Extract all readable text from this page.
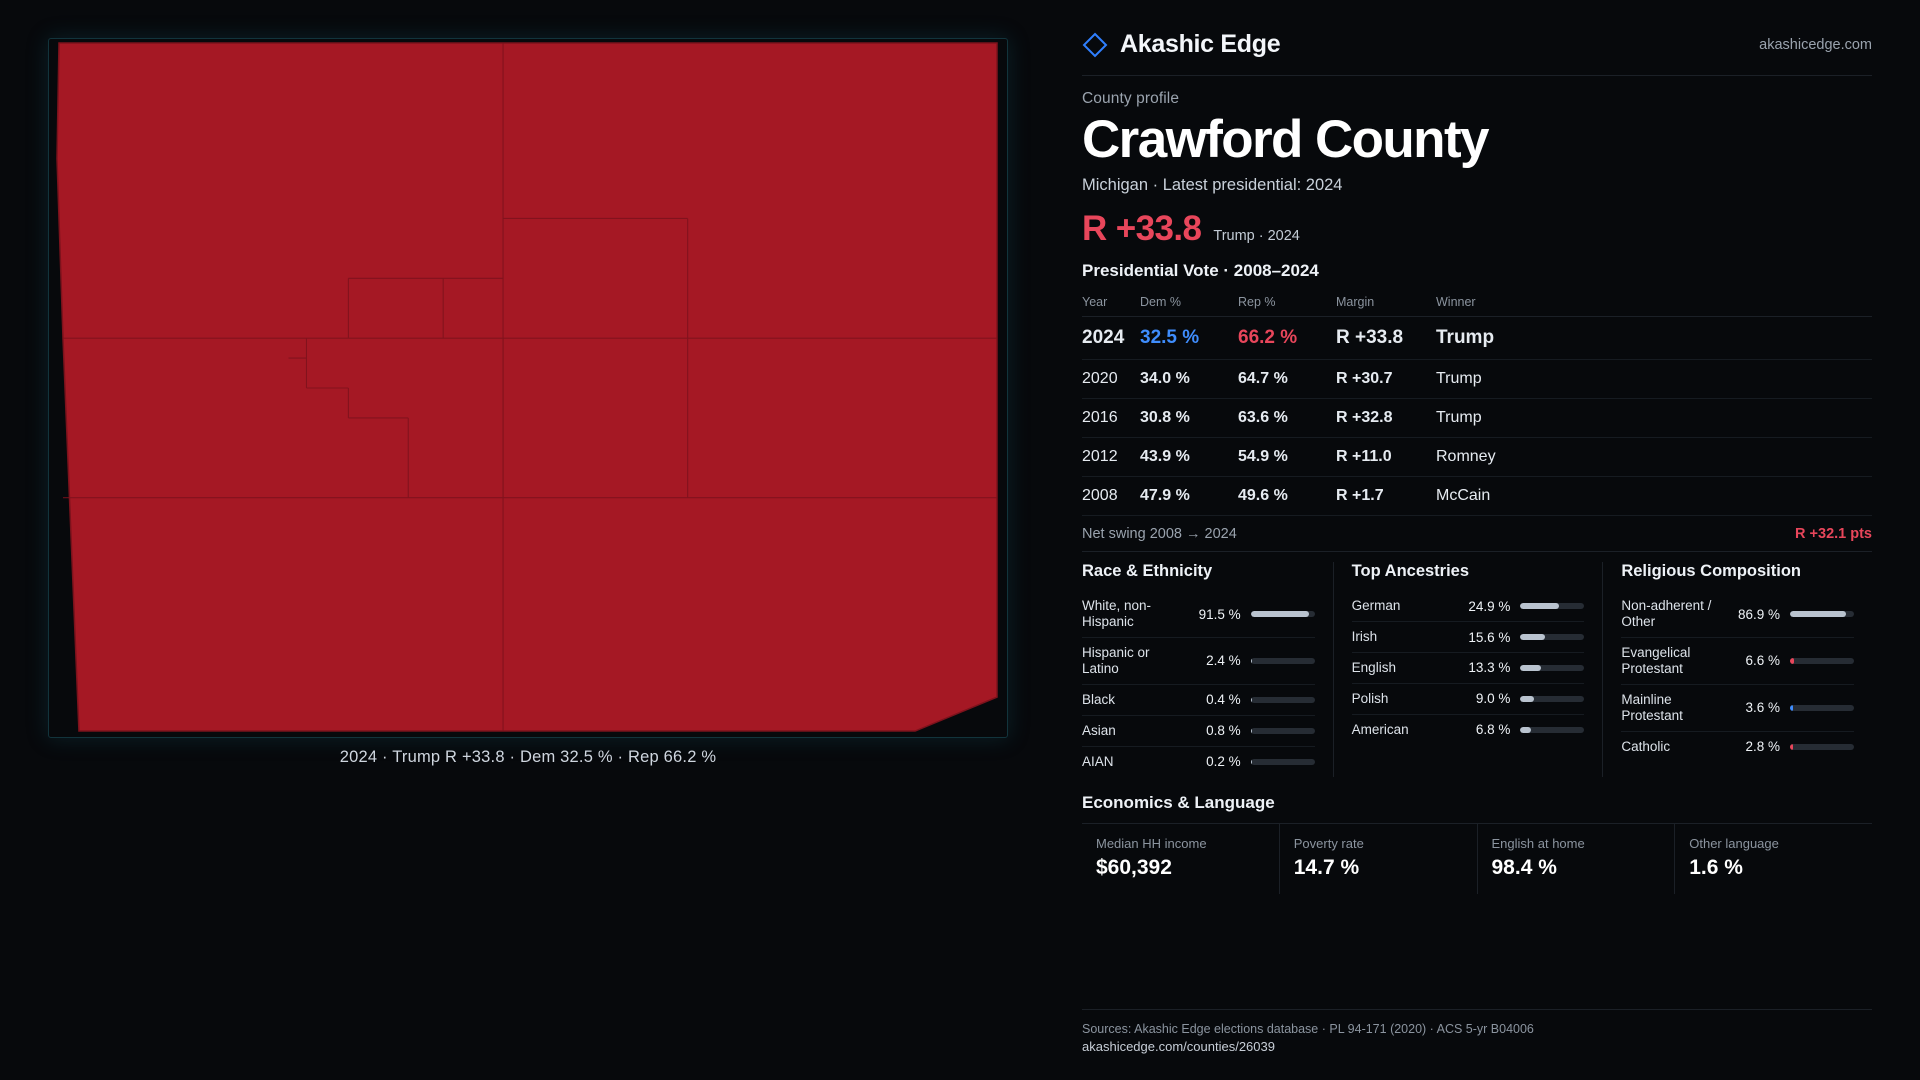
2024 · Trump R +33.8 · Dem 32.5 % · Rep 66.2 %
Akashic Edge	akashicedge.com
County profile
Crawford County
Michigan · Latest presidential: 2024
R +33.8 Trump · 2024
Presidential Vote · 2008–2024
Year	Dem %	Rep %	Margin	Winner
2024	32.5 %	66.2 %	R +33.8	Trump
2020	34.0 %	64.7 %	R +30.7	Trump
2016	30.8 %	63.6 %	R +32.8	Trump
2012	43.9 %	54.9 %	R +11.0	Romney
2008	47.9 %	49.6 %	R +1.7	McCain
Net swing 2008 → 2024	R +32.1 pts
Race & Ethnicity
White, non-Hispanic	91.5 %
Hispanic or Latino	2.4 %
Black	0.4 %
Asian	0.8 %
AIAN	0.2 %
Top Ancestries
German	24.9 %
Irish	15.6 %
English	13.3 %
Polish	9.0 %
American	6.8 %
Religious Composition
Non-adherent / Other	86.9 %
Evangelical Protestant	6.6 %
Mainline Protestant	3.6 %
Catholic	2.8 %
Economics & Language
Median HH income
$60,392
Poverty rate
14.7 %
English at home
98.4 %
Other language
1.6 %
Sources: Akashic Edge elections database · PL 94-171 (2020) · ACS 5-yr B04006
akashicedge.com/counties/26039
